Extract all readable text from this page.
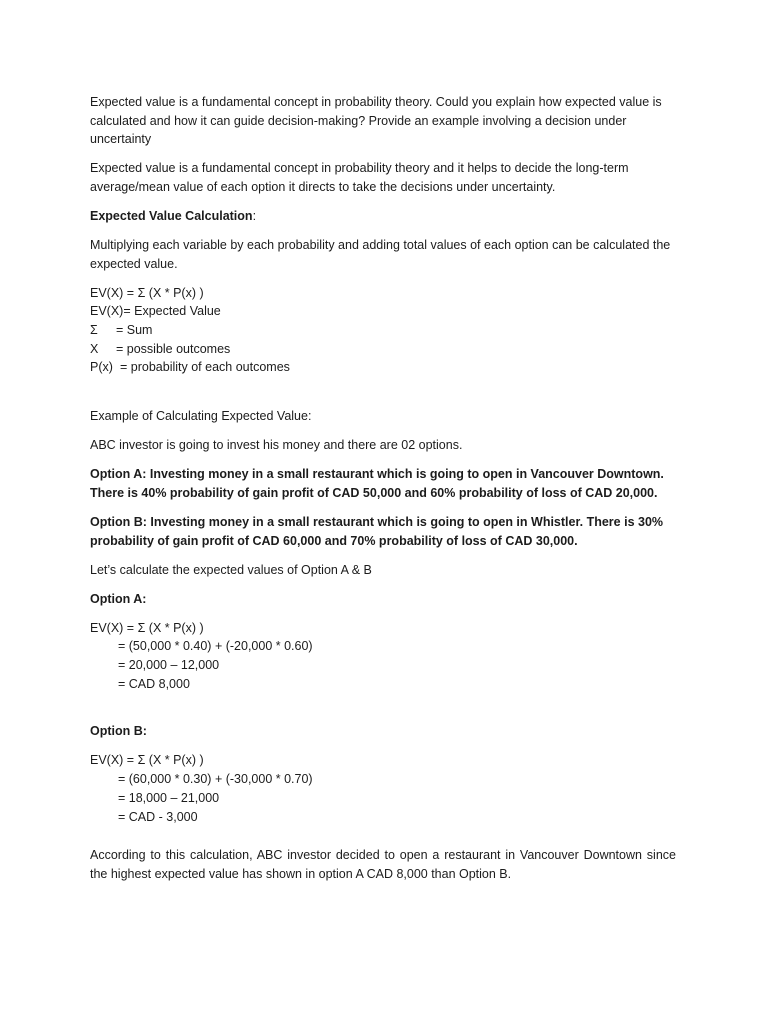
Expected value is a fundamental concept in probability theory. Could you explain how expected value is calculated and how it can guide decision-making? Provide an example involving a decision under uncertainty

Expected value is a fundamental concept in probability theory and it helps to decide the long-term average/mean value of each option it directs to take the decisions under uncertainty.

Expected Value Calculation:

Multiplying each variable by each probability and adding total values of each option can be calculated the expected value.

EV(X) = Σ (X * P(x) )
EV(X)= Expected Value
Σ = Sum
X = possible outcomes
P(x) = probability of each outcomes

Example of Calculating Expected Value:

ABC investor is going to invest his money and there are 02 options.

Option A: Investing money in a small restaurant which is going to open in Vancouver Downtown. There is 40% probability of gain profit of CAD 50,000 and 60% probability of loss of CAD 20,000.

Option B: Investing money in a small restaurant which is going to open in Whistler. There is 30% probability of gain profit of CAD 60,000 and 70% probability of loss of CAD 30,000.

Let’s calculate the expected values of Option A & B

Option A:

EV(X) = Σ (X * P(x) )
= (50,000 * 0.40) + (-20,000 * 0.60)
= 20,000 – 12,000
= CAD 8,000

Option B:

EV(X) = Σ (X * P(x) )
= (60,000 * 0.30) + (-30,000 * 0.70)
= 18,000 – 21,000
= CAD - 3,000

According to this calculation, ABC investor decided to open a restaurant in Vancouver Downtown since the highest expected value has shown in option A CAD 8,000 than Option B.
